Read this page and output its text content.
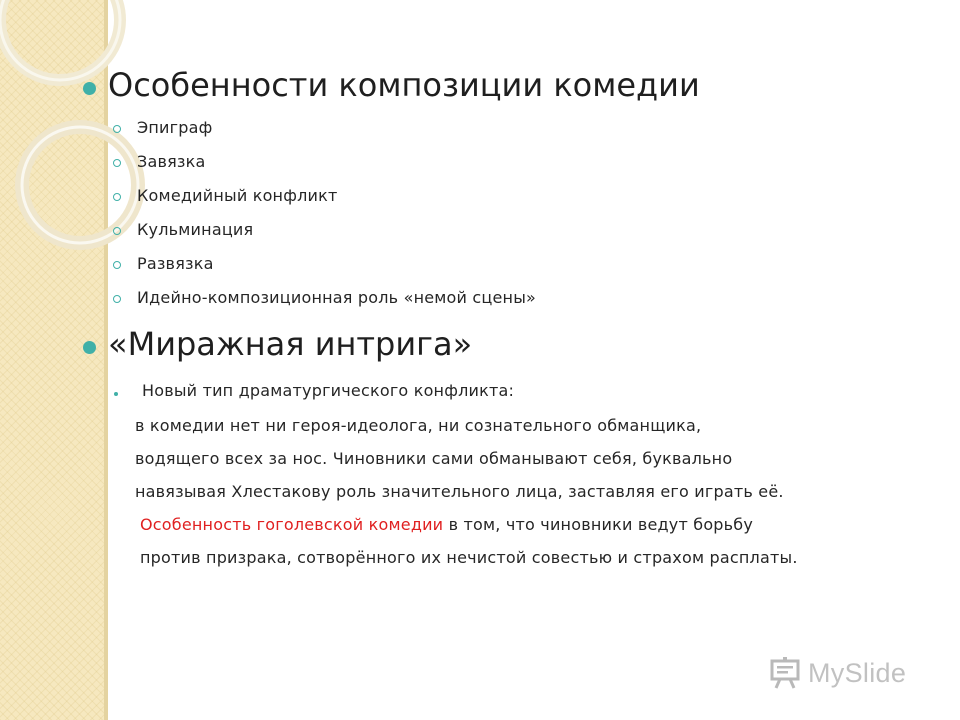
Особенности композиции комедии
Эпиграф
Завязка
Комедийный конфликт
Кульминация
Развязка
Идейно-композиционная роль «немой сцены»
«Миражная интрига»
Новый тип драматургического конфликта:
в комедии нет ни героя-идеолога, ни сознательного обманщика,
водящего всех за нос. Чиновники сами обманывают себя, буквально
навязывая Хлестакову роль значительного лица, заставляя его играть её.
Особенность гоголевской комедии в том, что чиновники ведут борьбу
против призрака, сотворённого их нечистой совестью и страхом расплаты.
MySlide
